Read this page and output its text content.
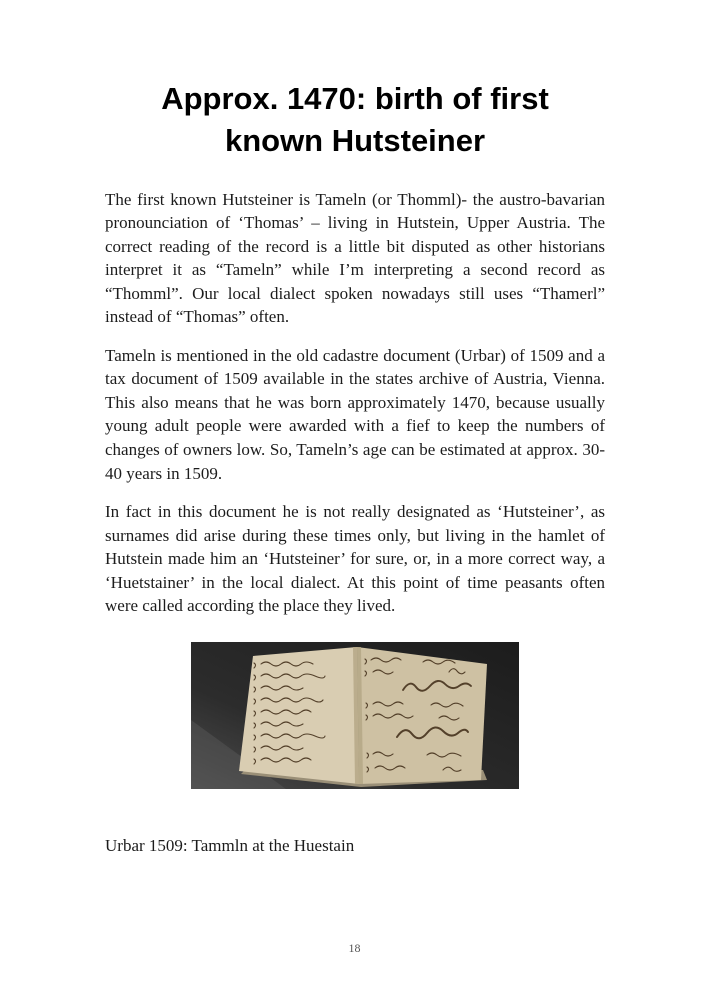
Approx. 1470: birth of first known Hutsteiner

The first known Hutsteiner is Tameln (or Thomml)- the austro-bavarian pronounciation of ‘Thomas’ – living in Hutstein, Upper Austria. The correct reading of the record is a little bit disputed as other historians interpret it as “Tameln” while I’m interpreting a second record as “Thomml”. Our local dialect spoken nowadays still uses “Thamerl” instead of “Thomas” often.

Tameln is mentioned in the old cadastre document (Urbar) of 1509 and a tax document of 1509 available in the states archive of Austria, Vienna. This also means that he was born approximately 1470, because usually young adult people were awarded with a fief to keep the numbers of changes of owners low. So, Tameln’s age can be estimated at approx. 30-40 years in 1509.

In fact in this document he is not really designated as ‘Hutsteiner’, as surnames did arise during these times only, but living in the hamlet of Hutstein made him an ‘Hutsteiner’ for sure, or, in a more correct way, a ‘Huetstainer’ in the local dialect. At this point of time peasants often were called according the place they lived.

Urbar 1509: Tammln at the Huestain

18
